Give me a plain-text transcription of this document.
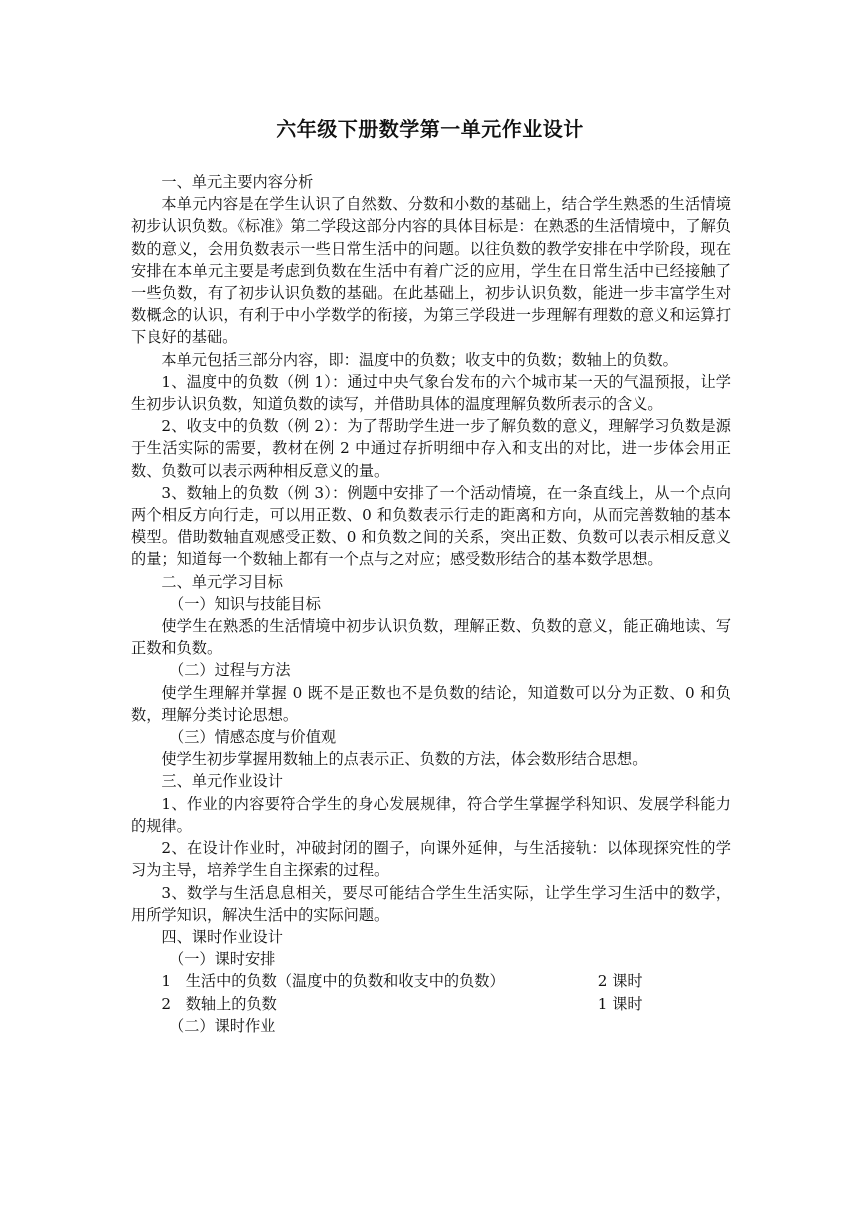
六年级下册数学第一单元作业设计

一、单元主要内容分析

本单元内容是在学生认识了自然数、分数和小数的基础上，结合学生熟悉的生活情境初步认识负数。《标准》第二学段这部分内容的具体目标是：在熟悉的生活情境中，了解负数的意义，会用负数表示一些日常生活中的问题。以往负数的教学安排在中学阶段，现在安排在本单元主要是考虑到负数在生活中有着广泛的应用，学生在日常生活中已经接触了一些负数，有了初步认识负数的基础。在此基础上，初步认识负数，能进一步丰富学生对数概念的认识，有利于中小学数学的衔接，为第三学段进一步理解有理数的意义和运算打下良好的基础。

本单元包括三部分内容，即：温度中的负数；收支中的负数；数轴上的负数。

1、温度中的负数（例 1）：通过中央气象台发布的六个城市某一天的气温预报，让学生初步认识负数，知道负数的读写，并借助具体的温度理解负数所表示的含义。

2、收支中的负数（例 2）：为了帮助学生进一步了解负数的意义，理解学习负数是源于生活实际的需要，教材在例 2 中通过存折明细中存入和支出的对比，进一步体会用正数、负数可以表示两种相反意义的量。

3、数轴上的负数（例 3）：例题中安排了一个活动情境，在一条直线上，从一个点向两个相反方向行走，可以用正数、0 和负数表示行走的距离和方向，从而完善数轴的基本模型。借助数轴直观感受正数、0 和负数之间的关系，突出正数、负数可以表示相反意义的量；知道每一个数轴上都有一个点与之对应；感受数形结合的基本数学思想。

二、单元学习目标

（一）知识与技能目标

使学生在熟悉的生活情境中初步认识负数，理解正数、负数的意义，能正确地读、写正数和负数。

（二）过程与方法

使学生理解并掌握 0 既不是正数也不是负数的结论，知道数可以分为正数、0 和负数，理解分类讨论思想。

（三）情感态度与价值观

使学生初步掌握用数轴上的点表示正、负数的方法，体会数形结合思想。

三、单元作业设计

1、作业的内容要符合学生的身心发展规律，符合学生掌握学科知识、发展学科能力的规律。

2、在设计作业时，冲破封闭的圈子，向课外延伸，与生活接轨：以体现探究性的学习为主导，培养学生自主探索的过程。

3、数学与生活息息相关，要尽可能结合学生生活实际，让学生学习生活中的数学，用所学知识，解决生活中的实际问题。

四、课时作业设计

（一）课时安排

1 生活中的负数（温度中的负数和收支中的负数）	2 课时
2 数轴上的负数	1 课时

（二）课时作业
